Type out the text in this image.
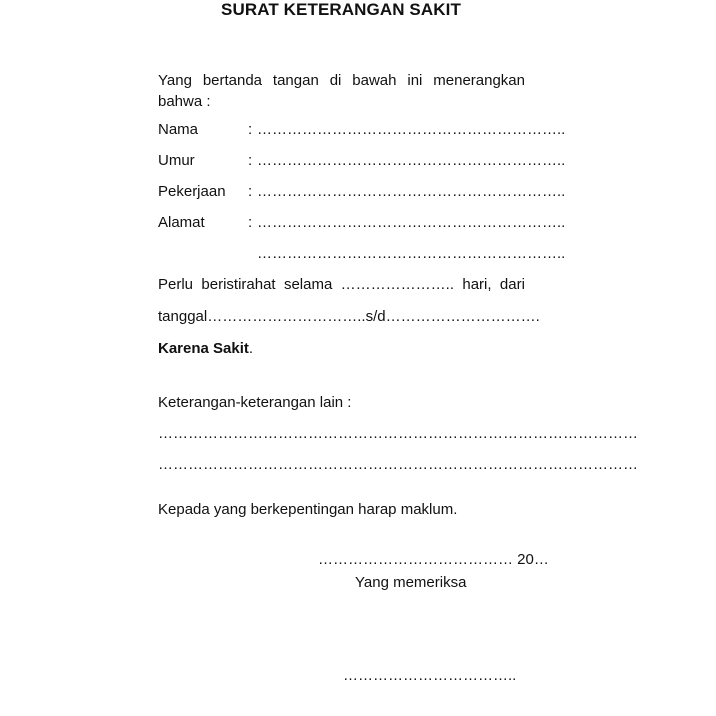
SURAT KETERANGAN SAKIT
Yang bertanda tangan di bawah ini menerangkan bahwa :
Nama	: ……………………………………………………..
Umur	: ……………………………………………………..
Pekerjaan : ……………………………………………………..
Alamat	: ……………………………………………………..
……………………………………………………..
Perlu beristirahat selama ………………….. hari, dari
tanggal ………………………….. s/d ………………………….
Karena Sakit.
Keterangan-keterangan lain :
……………………………………………………………………………………
……………………………………………………………………………………
Kepada yang berkepentingan harap maklum.
………………………………… 20…
Yang memeriksa
……………………………..
